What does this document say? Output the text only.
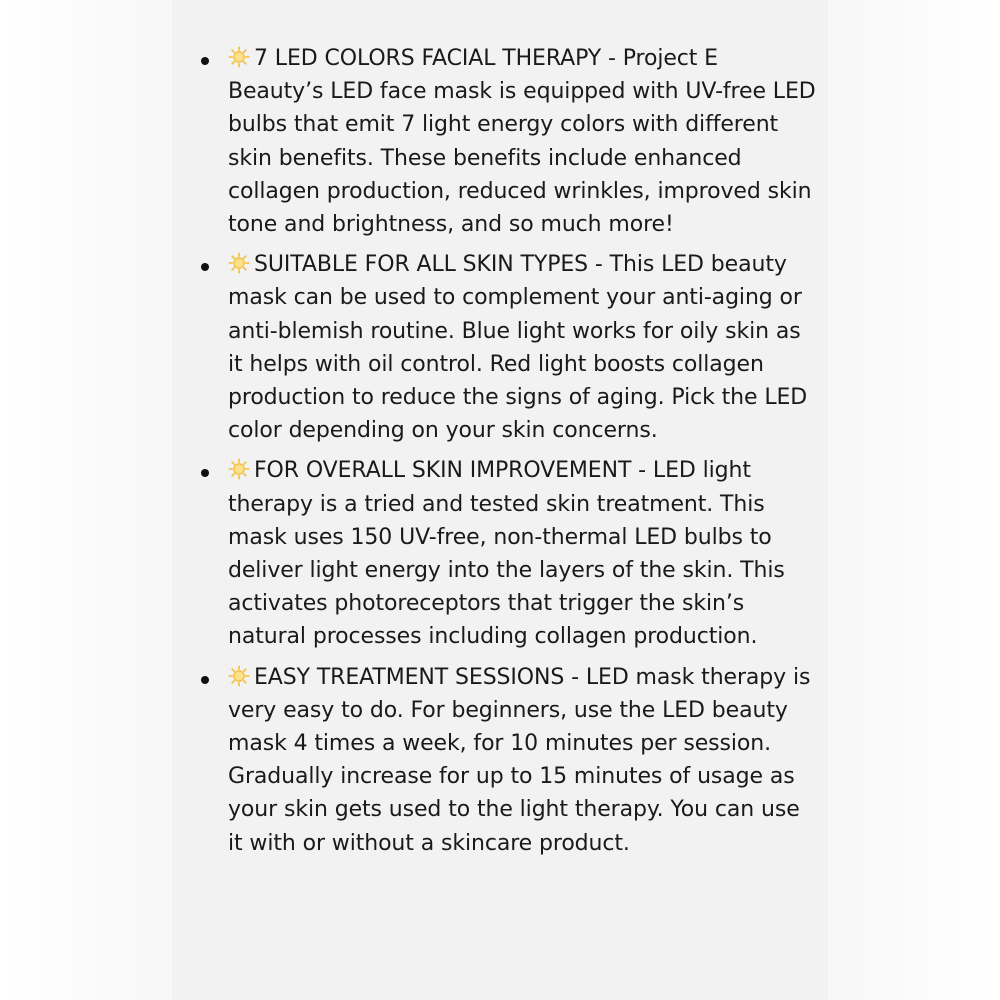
7 LED COLORS FACIAL THERAPY - Project E Beauty’s LED face mask is equipped with UV-free LED bulbs that emit 7 light energy colors with different skin benefits. These benefits include enhanced collagen production, reduced wrinkles, improved skin tone and brightness, and so much more!
SUITABLE FOR ALL SKIN TYPES - This LED beauty mask can be used to complement your anti-aging or anti-blemish routine. Blue light works for oily skin as it helps with oil control. Red light boosts collagen production to reduce the signs of aging. Pick the LED color depending on your skin concerns.
FOR OVERALL SKIN IMPROVEMENT - LED light therapy is a tried and tested skin treatment. This mask uses 150 UV-free, non-thermal LED bulbs to deliver light energy into the layers of the skin. This activates photoreceptors that trigger the skin’s natural processes including collagen production.
EASY TREATMENT SESSIONS - LED mask therapy is very easy to do. For beginners, use the LED beauty mask 4 times a week, for 10 minutes per session. Gradually increase for up to 15 minutes of usage as your skin gets used to the light therapy. You can use it with or without a skincare product.
